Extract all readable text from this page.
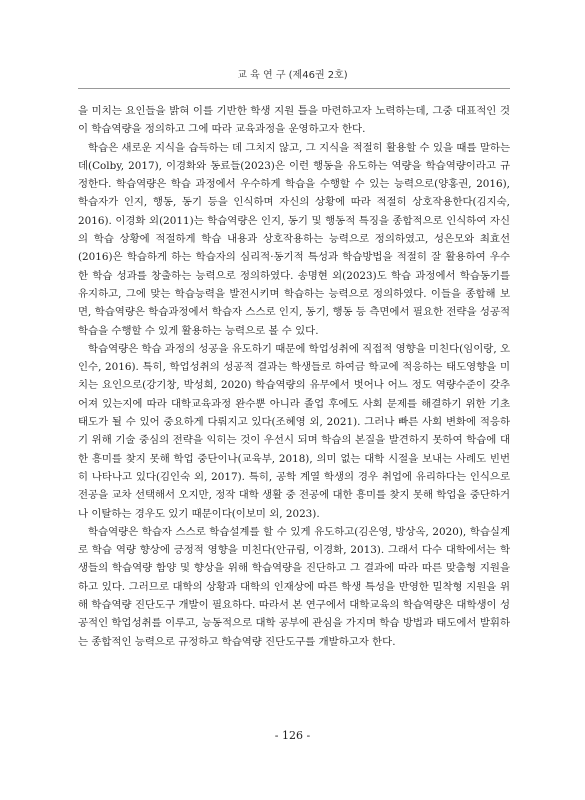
교 육 연 구 (제46권 2호)

을 미치는 요인들을 밝혀 이를 기반한 학생 지원 틀을 마련하고자 노력하는데, 그중 대표적인 것이 학습역량을 정의하고 그에 따라 교육과정을 운영하고자 한다.

학습은 새로운 지식을 습득하는 데 그치지 않고, 그 지식을 적절히 활용할 수 있을 때를 말하는데(Colby, 2017), 이경화와 동료들(2023)은 이런 행동을 유도하는 역량을 학습역량이라고 규정한다. 학습역량은 학습 과정에서 우수하게 학습을 수행할 수 있는 능력으로(양홍권, 2016), 학습자가 인지, 행동, 동기 등을 인식하며 자신의 상황에 따라 적절히 상호작용한다(김지숙, 2016). 이경화 외(2011)는 학습역량은 인지, 동기 및 행동적 특징을 종합적으로 인식하여 자신의 학습 상황에 적절하게 학습 내용과 상호작용하는 능력으로 정의하였고, 성은모와 최효선(2016)은 학습하게 하는 학습자의 심리적·동기적 특성과 학습방법을 적절히 잘 활용하여 우수한 학습 성과를 창출하는 능력으로 정의하였다. 송명현 외(2023)도 학습 과정에서 학습동기를 유지하고, 그에 맞는 학습능력을 발전시키며 학습하는 능력으로 정의하였다. 이들을 종합해 보면, 학습역량은 학습과정에서 학습자 스스로 인지, 동기, 행동 등 측면에서 필요한 전략을 성공적 학습을 수행할 수 있게 활용하는 능력으로 볼 수 있다.

학습역량은 학습 과정의 성공을 유도하기 때문에 학업성취에 직접적 영향을 미친다(임이랑, 오인수, 2016). 특히, 학업성취의 성공적 결과는 학생들로 하여금 학교에 적응하는 태도영향을 미치는 요인으로(강기창, 박성희, 2020) 학습역량의 유무에서 벗어나 어느 정도 역량수준이 갖추어져 있는지에 따라 대학교육과정 완수뿐 아니라 졸업 후에도 사회 문제를 해결하기 위한 기초 태도가 될 수 있어 중요하게 다뤄지고 있다(조혜영 외, 2021). 그러나 빠른 사회 변화에 적응하기 위해 기술 중심의 전략을 익히는 것이 우선시 되며 학습의 본질을 발견하지 못하여 학습에 대한 흥미를 찾지 못해 학업 중단이나(교육부, 2018), 의미 없는 대학 시절을 보내는 사례도 빈번히 나타나고 있다(김인숙 외, 2017). 특히, 공학 계열 학생의 경우 취업에 유리하다는 인식으로 전공을 교차 선택해서 오지만, 정작 대학 생활 중 전공에 대한 흥미를 찾지 못해 학업을 중단하거나 이탈하는 경우도 있기 때문이다(이보미 외, 2023).

학습역량은 학습자 스스로 학습설계를 할 수 있게 유도하고(김은영, 방상옥, 2020), 학습실계로 학습 역량 향상에 긍정적 영향을 미친다(안규림, 이경화, 2013). 그래서 다수 대학에서는 학생들의 학습역량 함양 및 향상을 위해 학습역량을 진단하고 그 결과에 따라 따른 맞춤형 지원을 하고 있다. 그러므로 대학의 상황과 대학의 인재상에 따른 학생 특성을 반영한 밀착형 지원을 위해 학습역량 진단도구 개발이 필요하다. 따라서 본 연구에서 대학교육의 학습역량은 대학생이 성공적인 학업성취를 이루고, 능동적으로 대학 공부에 관심을 가지며 학습 방법과 태도에서 발휘하는 종합적인 능력으로 규정하고 학습역량 진단도구를 개발하고자 한다.

- 126 -
